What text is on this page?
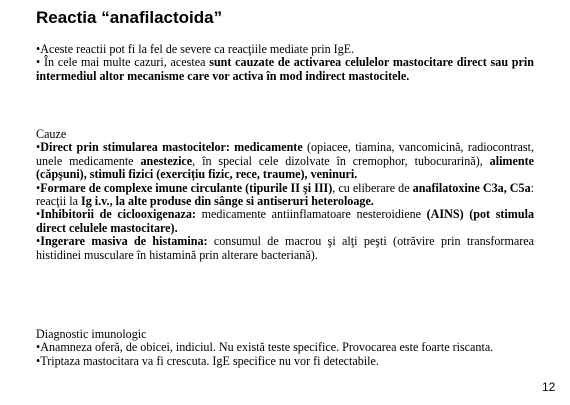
Reactia “anafilactoida”

•Aceste reactii pot fi la fel de severe ca reacţiile mediate prin IgE.

• În cele mai multe cazuri, acestea sunt cauzate de activarea celulelor mastocitare direct sau prin intermediul altor mecanisme care vor activa în mod indirect mastocitele.

Cauze

•Direct prin stimularea mastocitelor: medicamente (opiacee, tiamina, vancomicină, radiocontrast, unele medicamente anestezice, în special cele dizolvate în cremophor, tubocurarină), alimente (căpşuni), stimuli fizici (exercițiu fizic, rece, traume), veninuri.

•Formare de complexe imune circulante (tipurile II şi III), cu eliberare de anafilatoxine C3a, C5a: reacţii la Ig i.v., la alte produse din sânge si antiseruri heteroloage.

•Inhibitorii de ciclooxigenaza: medicamente antiinflamatoare nesteroidiene (AINS) (pot stimula direct celulele mastocitare).

•Ingerare masiva de histamina: consumul de macrou şi alţi peşti (otrăvire prin transformarea histidinei musculare în histamină prin alterare bacteriană).

Diagnostic imunologic

•Anamneza oferă, de obicei, indiciul. Nu există teste specifice. Provocarea este foarte riscanta.

•Triptaza mastocitara va fi crescuta. IgE specifice nu vor fi detectabile.

12
